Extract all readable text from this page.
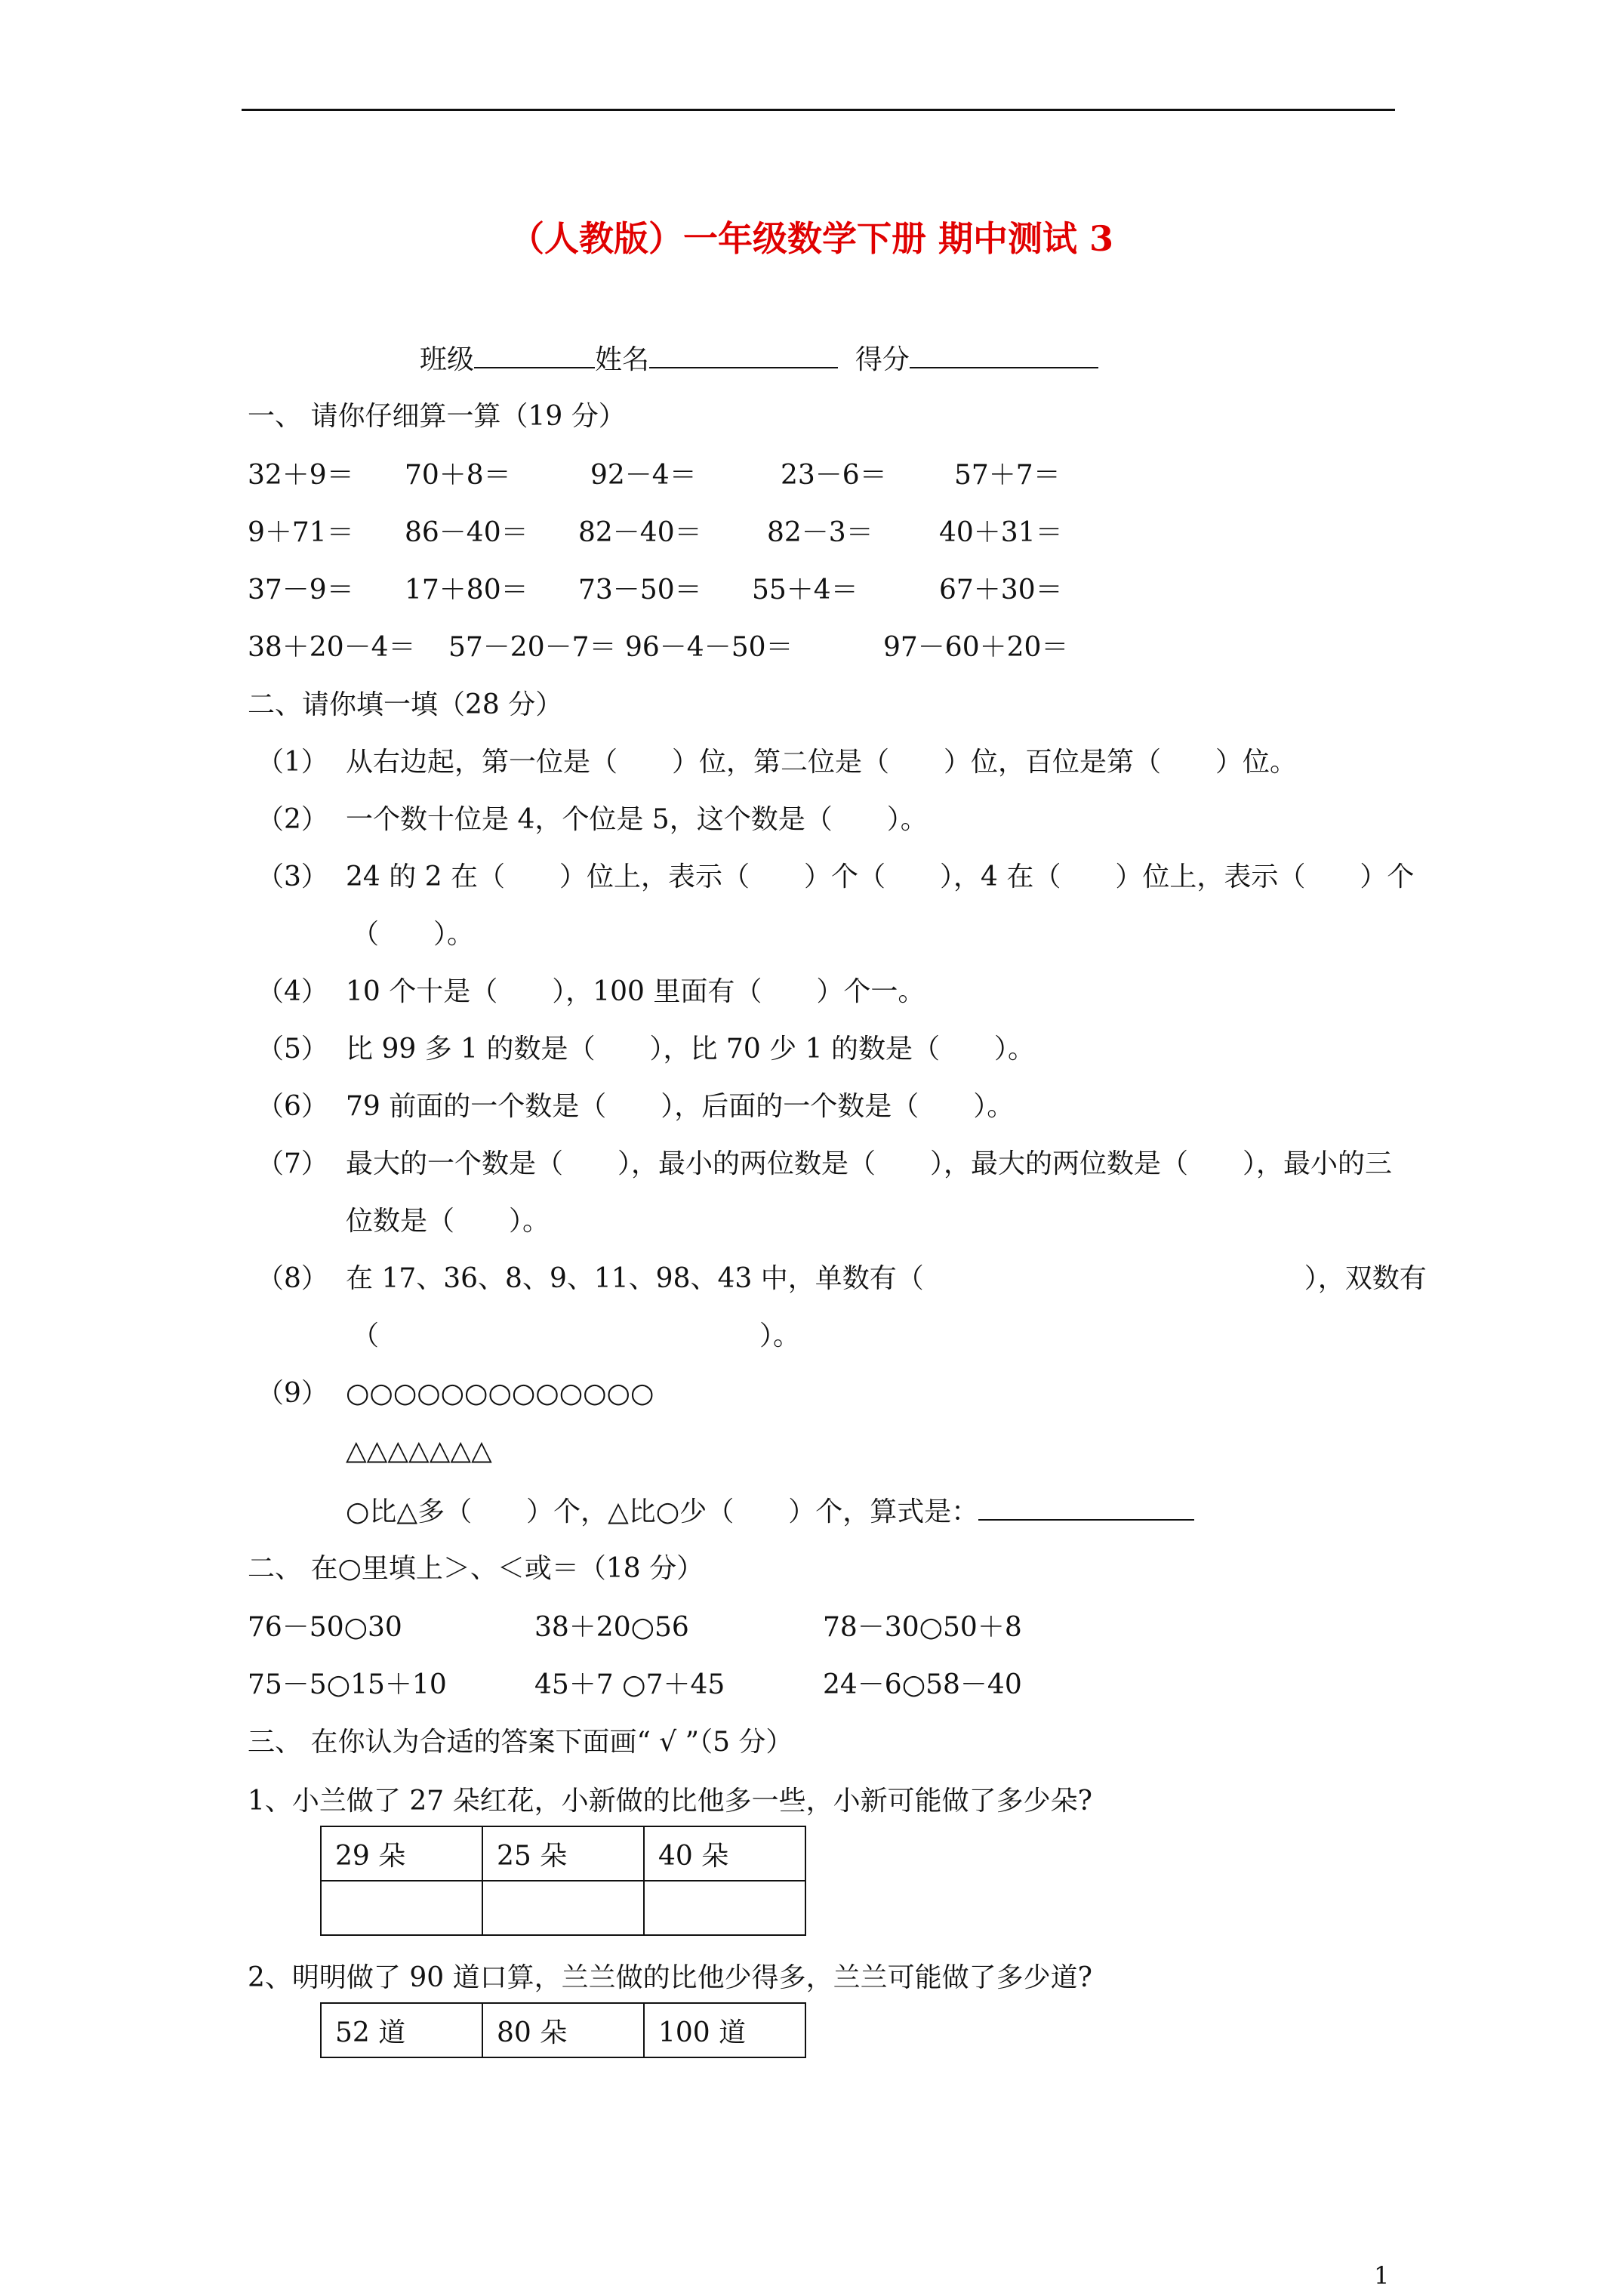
（人教版）一年级数学下册 期中测试 3
班级	姓名	得分
一、 请你仔细算一算（19 分）
32＋9＝ 70＋8＝	92－4＝	23－6＝ 57＋7＝
9＋71＝ 86－40＝ 82－40＝ 82－3＝ 40＋31＝
37－9＝ 17＋80＝ 73－50＝ 55＋4＝	67＋30＝
38＋20－4＝ 57－20－7＝ 96－4－50＝	97－60＋20＝
二、请你填一填（28 分）
（1） 从右边起，第一位是（　　）位，第二位是（　　）位，百位是第（　　）位。
（2） 一个数十位是 4，个位是 5，这个数是（　　）。
（3） 24 的 2 在（　　）位上，表示（　　）个（　　），4 在（　　）位上，表示（　　）个
（　　）。
（4） 10 个十是（　　），100 里面有（　　）个一。
（5） 比 99 多 1 的数是（　　），比 70 少 1 的数是（　　）。
（6） 79 前面的一个数是（　　），后面的一个数是（　　）。
（7） 最大的一个数是（　　），最小的两位数是（　　），最大的两位数是（　　），最小的三
位数是（　　）。
（8） 在 17、36、8、9、11、98、43 中，单数有（　　　　　　　　　　　　　　），双数有
（　　　　　　　　　　　　　　）。
（9） ○○○○○○○○○○○○○
△△△△△△△
○比△多（　　）个，△比○少（　　）个，算式是：
二、 在○里填上＞、＜或＝（18 分）
76－50○30	38＋20○56	78－30○50＋8
75－5○15＋10	45＋7 ○7＋45	24－6○58－40
三、 在你认为合适的答案下面画“ √ ”（5 分）
1、小兰做了 27 朵红花，小新做的比他多一些，小新可能做了多少朵?
29 朵	25 朵	40 朵

2、明明做了 90 道口算，兰兰做的比他少得多，兰兰可能做了多少道?
52 道	80 朵	100 道
1
